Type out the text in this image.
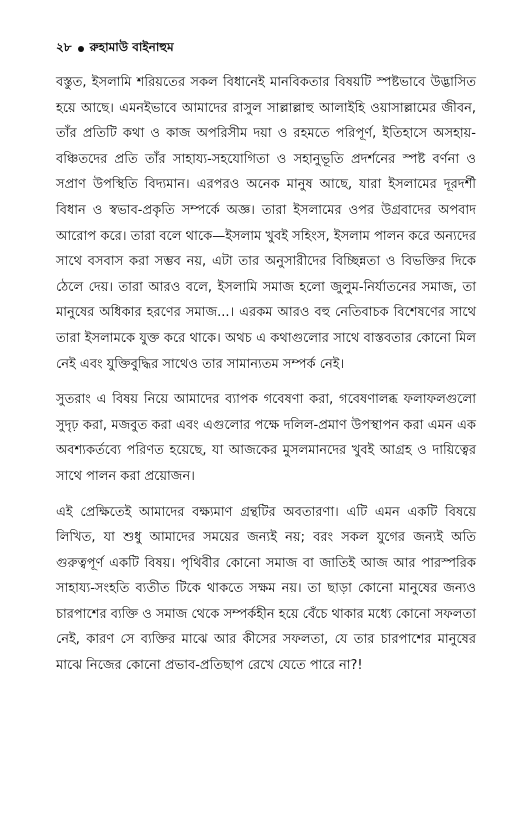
২৮ রুহামাউ বাইনাহুম

বস্তুত, ইসলামি শরিয়তের সকল বিধানেই মানবিকতার বিষয়টি স্পষ্টভাবে উদ্ভাসিত হয়ে আছে। এমনইভাবে আমাদের রাসুল সাল্লাল্লাহু আলাইহি ওয়াসাল্লামের জীবন, তাঁর প্রতিটি কথা ও কাজ অপরিসীম দয়া ও রহমতে পরিপূর্ণ, ইতিহাসে অসহায়-বঞ্চিতদের প্রতি তাঁর সাহায্য-সহযোগিতা ও সহানুভূতি প্রদর্শনের স্পষ্ট বর্ণনা ও সপ্রাণ উপস্থিতি বিদ্যমান। এরপরও অনেক মানুষ আছে, যারা ইসলামের দূরদর্শী বিধান ও স্বভাব-প্রকৃতি সম্পর্কে অজ্ঞ। তারা ইসলামের ওপর উগ্রবাদের অপবাদ আরোপ করে। তারা বলে থাকে—ইসলাম খুবই সহিংস, ইসলাম পালন করে অন্যদের সাথে বসবাস করা সম্ভব নয়, এটা তার অনুসারীদের বিচ্ছিন্নতা ও বিভক্তির দিকে ঠেলে দেয়। তারা আরও বলে, ইসলামি সমাজ হলো জুলুম-নির্যাতনের সমাজ, তা মানুষের অধিকার হরণের সমাজ...। এরকম আরও বহু নেতিবাচক বিশেষণের সাথে তারা ইসলামকে যুক্ত করে থাকে। অথচ এ কথাগুলোর সাথে বাস্তবতার কোনো মিল নেই এবং যুক্তিবুদ্ধির সাথেও তার সামান্যতম সম্পর্ক নেই।

সুতরাং এ বিষয় নিয়ে আমাদের ব্যাপক গবেষণা করা, গবেষণালব্ধ ফলাফলগুলো সুদৃঢ় করা, মজবুত করা এবং এগুলোর পক্ষে দলিল-প্রমাণ উপস্থাপন করা এমন এক অবশ্যকর্তব্যে পরিণত হয়েছে, যা আজকের মুসলমানদের খুবই আগ্রহ ও দায়িত্বের সাথে পালন করা প্রয়োজন।

এই প্রেক্ষিতেই আমাদের বক্ষ্যমাণ গ্রন্থটির অবতারণা। এটি এমন একটি বিষয়ে লিখিত, যা শুধু আমাদের সময়ের জন্যই নয়; বরং সকল যুগের জন্যই অতি গুরুত্বপূর্ণ একটি বিষয়। পৃথিবীর কোনো সমাজ বা জাতিই আজ আর পারস্পরিক সাহায্য-সংহতি ব্যতীত টিকে থাকতে সক্ষম নয়। তা ছাড়া কোনো মানুষের জন্যও চারপাশের ব্যক্তি ও সমাজ থেকে সম্পর্কহীন হয়ে বেঁচে থাকার মধ্যে কোনো সফলতা নেই, কারণ সে ব্যক্তির মাঝে আর কীসের সফলতা, যে তার চারপাশের মানুষের মাঝে নিজের কোনো প্রভাব-প্রতিছাপ রেখে যেতে পারে না?!
